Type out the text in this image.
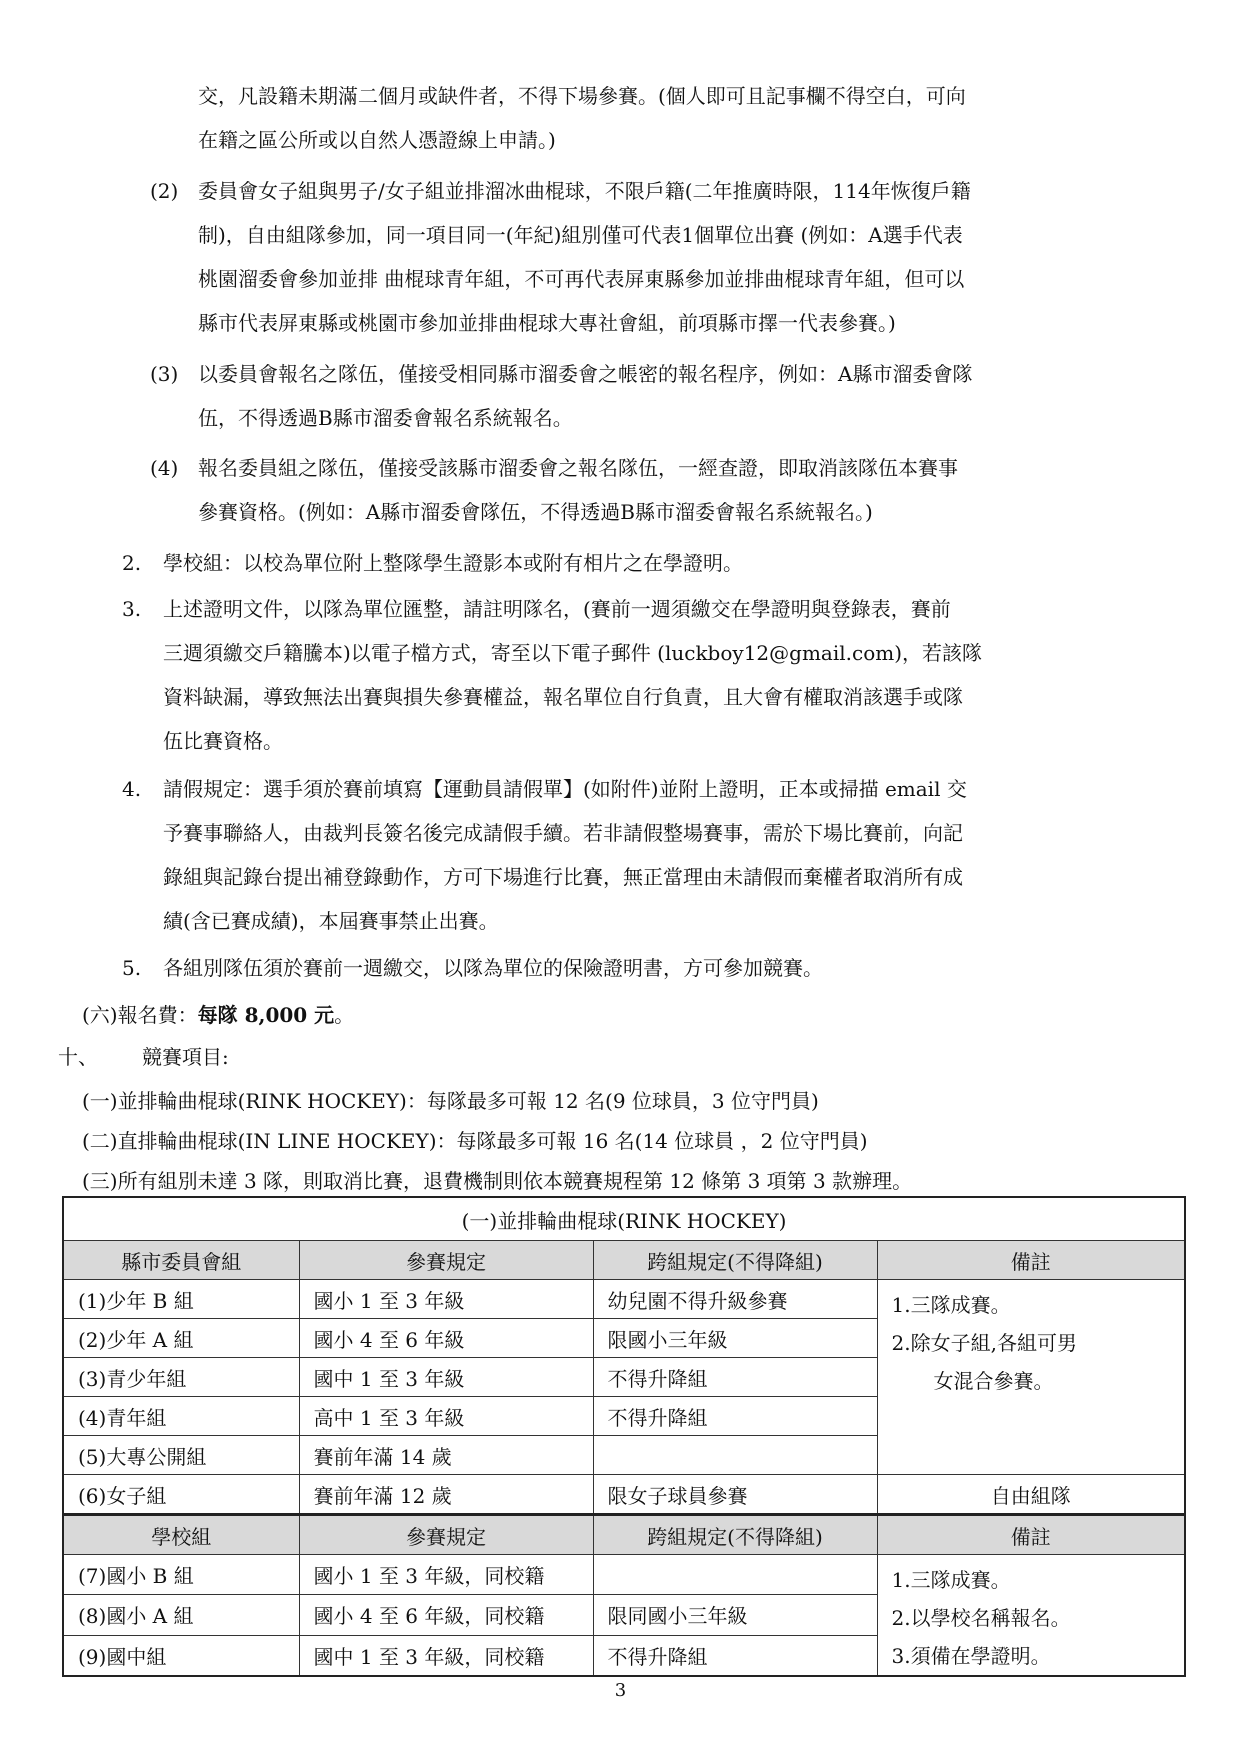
交，凡設籍未期滿二個月或缺件者，不得下場參賽。(個人即可且記事欄不得空白，可向
在籍之區公所或以自然人憑證線上申請。)
(2) 委員會女子組與男子/女子組並排溜冰曲棍球，不限戶籍(二年推廣時限，114年恢復戶籍
制)，自由組隊參加，同一項目同一(年紀)組別僅可代表1個單位出賽 (例如：A選手代表
桃園溜委會參加並排 曲棍球青年組，不可再代表屏東縣參加並排曲棍球青年組，但可以
縣市代表屏東縣或桃園市參加並排曲棍球大專社會組，前項縣市擇一代表參賽。)
(3) 以委員會報名之隊伍，僅接受相同縣市溜委會之帳密的報名程序，例如：A縣市溜委會隊
伍，不得透過B縣市溜委會報名系統報名。
(4) 報名委員組之隊伍，僅接受該縣市溜委會之報名隊伍，一經查證，即取消該隊伍本賽事
參賽資格。(例如：A縣市溜委會隊伍，不得透過B縣市溜委會報名系統報名。)
2. 學校組：以校為單位附上整隊學生證影本或附有相片之在學證明。
3. 上述證明文件，以隊為單位匯整，請註明隊名，(賽前一週須繳交在學證明與登錄表，賽前
三週須繳交戶籍騰本)以電子檔方式，寄至以下電子郵件 (luckboy12@gmail.com)，若該隊
資料缺漏，導致無法出賽與損失參賽權益，報名單位自行負責，且大會有權取消該選手或隊
伍比賽資格。
4. 請假規定：選手須於賽前填寫【運動員請假單】(如附件)並附上證明，正本或掃描 email 交
予賽事聯絡人，由裁判長簽名後完成請假手續。若非請假整場賽事，需於下場比賽前，向記
錄組與記錄台提出補登錄動作，方可下場進行比賽，無正當理由未請假而棄權者取消所有成
績(含已賽成績)，本屆賽事禁止出賽。
5. 各組別隊伍須於賽前一週繳交，以隊為單位的保險證明書，方可參加競賽。
(六)報名費：每隊 8,000 元。
十、 競賽項目:
(一)並排輪曲棍球(RINK HOCKEY)：每隊最多可報 12 名(9 位球員，3 位守門員)
(二)直排輪曲棍球(IN LINE HOCKEY)：每隊最多可報 16 名(14 位球員 ，2 位守門員)
(三)所有組別未達 3 隊，則取消比賽，退費機制則依本競賽規程第 12 條第 3 項第 3 款辦理。
(一)並排輪曲棍球(RINK HOCKEY)			
縣市委員會組	參賽規定	跨組規定(不得降組)	備註
(1)少年 B 組	國小 1 至 3 年級	幼兒園不得升級參賽	1.三隊成賽。
2.除女子組,各組可男
女混合參賽。

(2)少年 A 組	國小 4 至 6 年級	限國小三年級	
(3)青少年組	國中 1 至 3 年級	不得升降組	
(4)青年組	高中 1 至 3 年級	不得升降組	
(5)大專公開組	賽前年滿 14 歲		
(6)女子組	賽前年滿 12 歲	限女子球員參賽	自由組隊
學校組	參賽規定	跨組規定(不得降組)	備註
(7)國小 B 組	國小 1 至 3 年級，同校籍		1.三隊成賽。
2.以學校名稱報名。
3.須備在學證明。

(8)國小 A 組	國小 4 至 6 年級，同校籍	限同國小三年級	
(9)國中組	國中 1 至 3 年級，同校籍	不得升降組	
3
